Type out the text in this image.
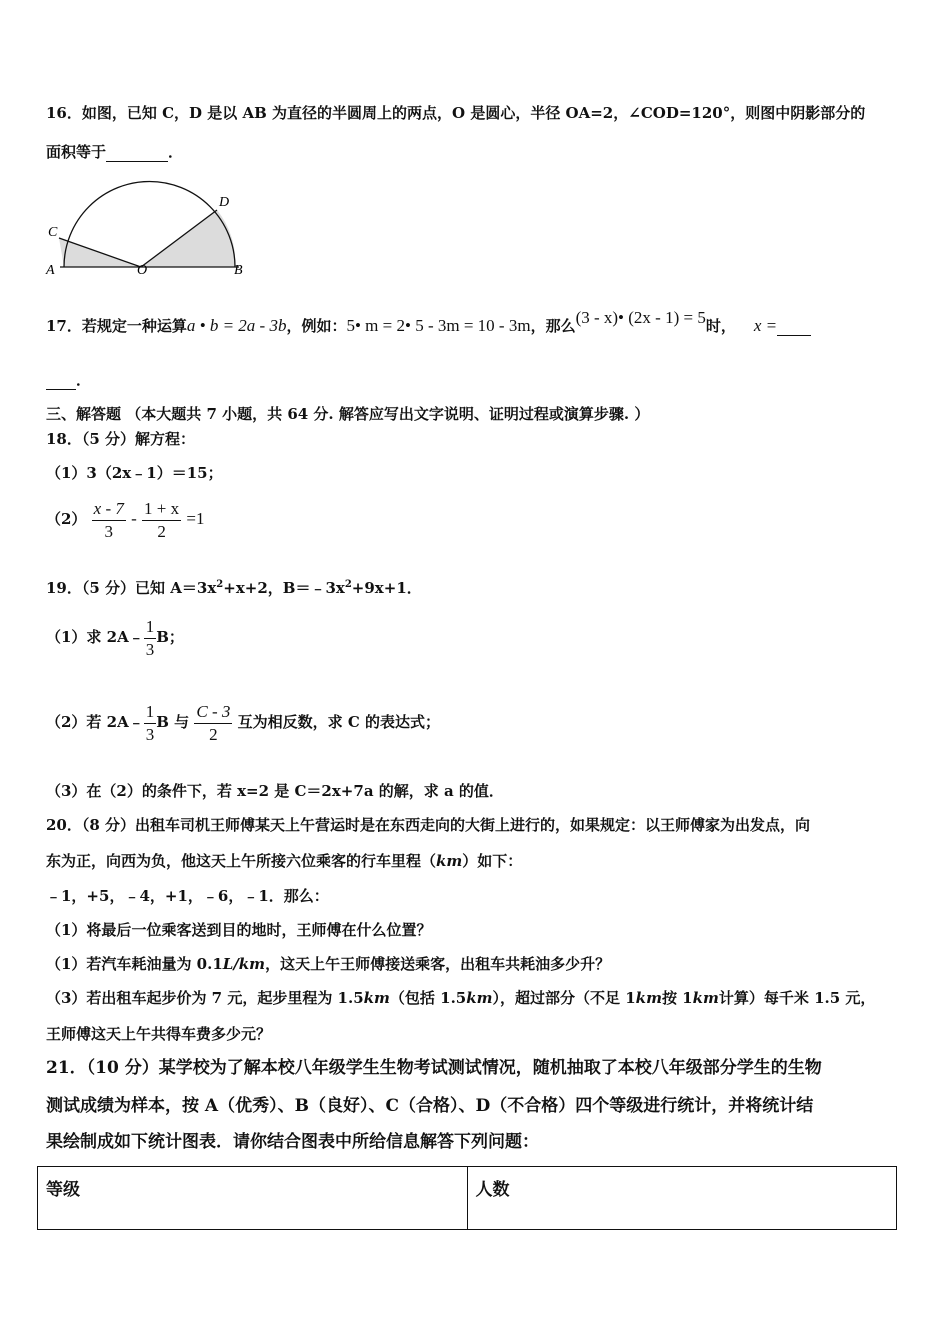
16．如图，已知 C，D 是以 AB 为直径的半圆周上的两点，O 是圆心，半径 OA=2，∠COD=120°，则图中阴影部分的
面积等于	．
C
D
A	O	B
17．若规定一种运算a • b = 2a - 3b，例如：5• m = 2• 5 - 3m = 10 - 3m，那么(3 - x)• (2x - 1) = 5时， x =
．
三、解答题 （本大题共 7 小题，共 64 分. 解答应写出文字说明、证明过程或演算步骤. ）
18．（5 分）解方程：
（1）3（2x﹣1）＝15；
$(2) \frac{x - 7}{3} - \frac{1 + x}{2} =1$
19．（5 分）已知 $A=3x^2+x+2$，$B=﹣3x^2+9x+1$．
（1）求 2A﹣ $\frac{1}{3}$ B；
（2）若 2A﹣ $\frac{1}{3}$ B 与 $\frac{C - 3}{2}$ 互为相反数，求 C 的表达式；
（3）在（2）的条件下，若 x=2 是 C＝2x+7a 的解，求 a 的值．
20．（8 分）出租车司机王师傅某天上午营运时是在东西走向的大街上进行的，如果规定：以王师傅家为出发点，向
东为正，向西为负，他这天上午所接六位乘客的行车里程（km）如下：
﹣1，+5，﹣4，+1，﹣6，﹣1．那么：
（1）将最后一位乘客送到目的地时，王师傅在什么位置？
（1）若汽车耗油量为 0.1L/km，这天上午王师傅接送乘客，出租车共耗油多少升？
（3）若出租车起步价为 7 元，起步里程为 1.5km（包括 1.5km），超过部分（不足 1km按 1km计算）每千米 1.5 元，
王师傅这天上午共得车费多少元？
21．（10 分）某学校为了解本校八年级学生生物考试测试情况，随机抽取了本校八年级部分学生的生物
测试成绩为样本，按 A（优秀）、B（良好）、C（合格）、D（不合格）四个等级进行统计，并将统计结
果绘制成如下统计图表．请你结合图表中所给信息解答下列问题：
等级	人数
